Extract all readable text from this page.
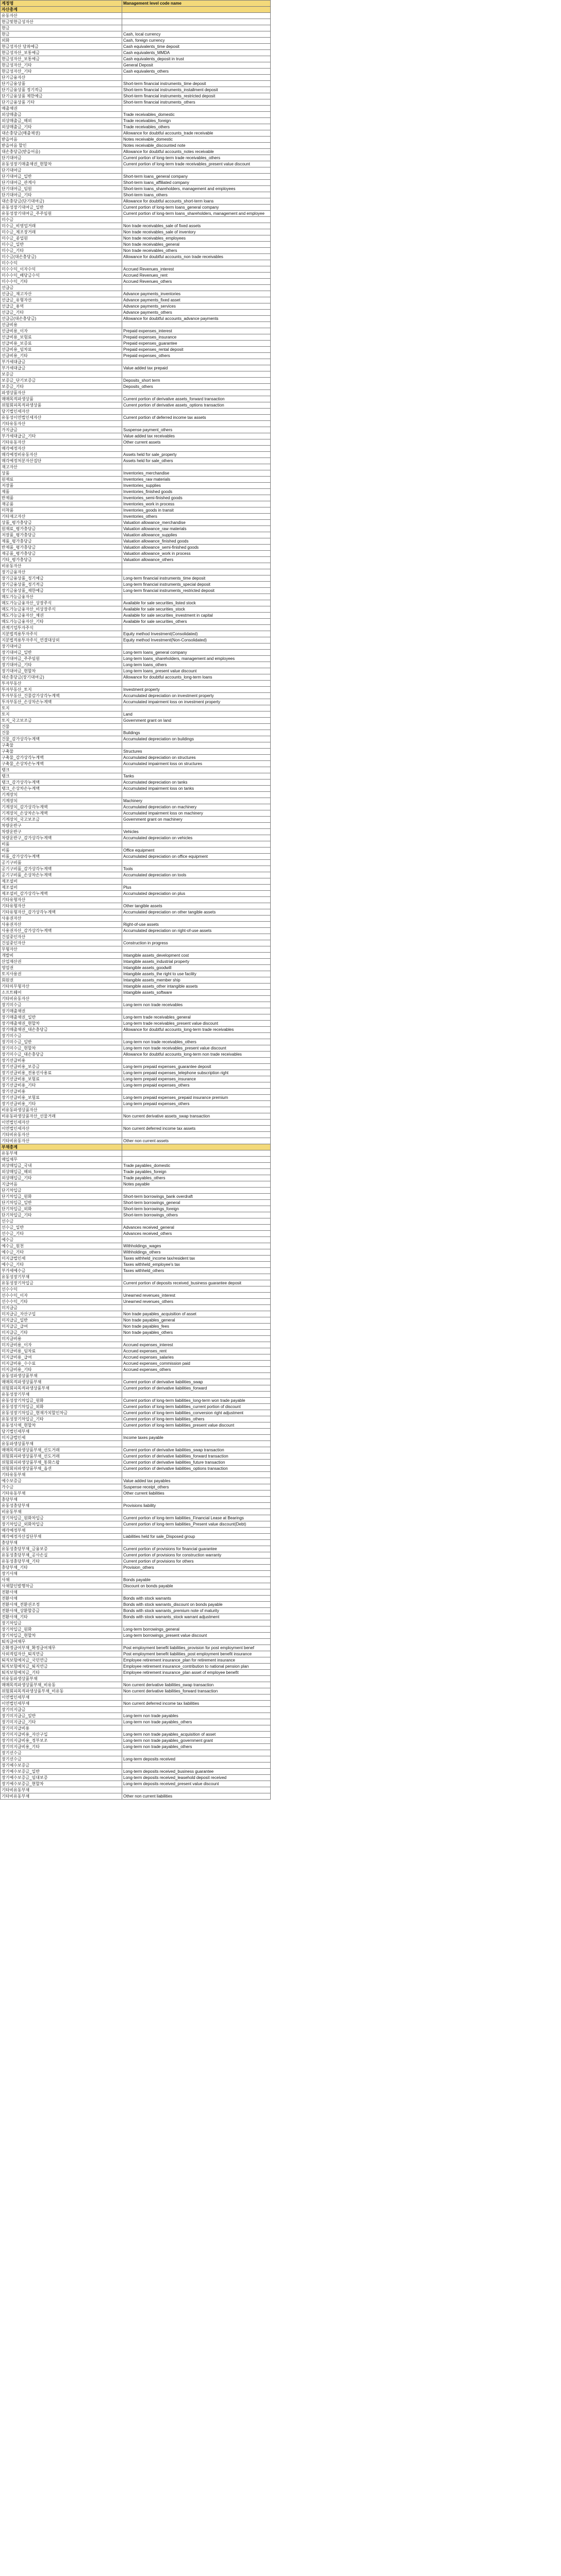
계정명	Management level code name
자산총계	
유동자산	
현금및현금성자산	
현금	
현금	Cash, local currency
외화	Cash, foreign currency
현금성자산 당좌예금	Cash equivalents_time deposit
현금성자산_보통예금	Cash equivalents_MMDA
현금성자산_보통예금	Cash equivalents_deposit in trust
현금성자산_기타	General Deposit
현금성자산_기타	Cash equivalents_others
단기금융자산	
단기금융상품	Short-term financial instruments_time deposit
단기금융상품 정기적금	Short-term financial instruments_installment deposit
단기금융상품 제한예금	Short-term financial instruments_restricted deposit
단기금융상품 기타	Short-term financial instruments_others
매출채권	
외상매출금	Trade receivables_domestic
외상매출금_해외	Trade receivables_foreign
외상매출금_기타	Trade receivables_others
대손충당금(매출채권)	Allowance for doubtful accounts_trade receivable
받을어음	Notes receivable_domestic
받을어음 할인	Notes receivable_discounted note
대손충당금(받을어음)	Allowance for doubtful accounts_notes receivable
단기대여금	Current portion of long-term trade receivables_others
유동성장기매출채권_현할차	Current portion of long-term trade receivables_present value discount
단기대여금	
단기대여금_일반	Short-term loans_general company
단기대여금_관계사	Short-term loans_affiliated company
단기대여금_임원	Short-term loans_shareholders, management and employees
단기대여금_기타	Short-term loans_others
대손충당금(단기대여금)	Allowance for doubtful accounts_short-term loans
유동성장기대여금_일반	Current portion of long-term loans_general company
유동성장기대여금_주주임원	Current portion of long-term loans_shareholders, management and employee
미수금	
미수금_비영업거래	Non trade receivables_sale of fixed assets
미수금_제조장거래	Non trade receivables_sale of inventory
미수금_종업원	Non trade receivables_employees
미수금_일반	Non trade receivables_general
미수금_기타	Non trade receivables_others
미수금(대손충당금)	Allowance for doubtful accounts_non trade receivables
미수수익	
미수수익_이자수익	Accrued Revenues_interest
미수수익_배당금수익	Accrued Revenues_rent
미수수익_기타	Accrued Revenues_others
선급금	
선급금_재고자산	Advance payments_inventories
선급금_유형자산	Advance payments_fixed asset
선급금_용역	Advance payments_services
선급금_기타	Advance payments_others
선급금(대손충당금)	Allowance for doubtful accounts_advance payments
선급비용	
선급비용_이자	Prepaid expenses_interest
선급비용_보험료	Prepaid expenses_insurance
선급비용_보증료	Prepaid expenses_guarantee
선급비용_임차료	Prepaid expenses_rental deposit
선급비용_기타	Prepaid expenses_others
부가세대급금	
부가세대급금	Value added tax prepaid
보증금	
보증금_단기보증금	Deposits_short term
보증금_기타	Deposits_others
파생상품자산	
매매목적파생상품	Current portion of derivative assets_forward transaction
위험회피목적파생상품	Current portion of derivative assets_options transaction
당기법인세자산	
유동성이연법인세자산	Current portion of deferred income tax assets
기타유동자산	
가지급금	Suspense payment_others
부가세대급금_기타	Value added tax receivables
기타유동자산	Other current assets
매각예정자산	
매각예정비유동자산	Assets held for sale_property
매각예정처분자산집단	Assets held for sale_others
재고자산	
상품	Inventories_merchandise
원재료	Inventories_raw materials
저장품	Inventories_supplies
제품	Inventories_finished goods
반제품	Inventories_semi-finished goods
재공품	Inventories_work in process
미착품	Inventories_goods in transit
기타재고자산	Inventories_others
상품_평가충당금	Valuation allowance_merchandise
원재료_평가충당금	Valuation allowance_raw materials
저장품_평가충당금	Valuation allowance_supplies
제품_평가충당금	Valuation allowance_finished goods
반제품_평가충당금	Valuation allowance_semi-finished goods
재공품_평가충당금	Valuation allowance_work in process
기타_평가충당금	Valuation allowance_others
비유동자산	
장기금융자산	
장기금융상품_정기예금	Long-term financial instruments_time deposit
장기금융상품_정기적금	Long-term financial instruments_special deposit
장기금융상품_제한예금	Long-term financial instruments_restricted deposit
매도가능금융자산	
매도가능금융자산_상장주식	Available for sale securities_listed stock
매도가능금융자산_비상장주식	Available for sale securities_stock
매도가능금융자산_채권	Available for sale securities_investment in capital
매도가능금융자산_기타	Available for sale securities_others
관계기업투자주식	
지분법적용투자주식	Equity method Investment(Consolidated)
지분법적용투자주식_연결대상외	Equity method Investment(Non-Consolidated)
장기대여금	
장기대여금_일반	Long-term loans_general company
장기대여금_주주임원	Long-term loans_shareholders, management and employees
장기대여금_기타	Long-term loans_others
장기대여금_현할차	Long-term loans_present value discount
대손충당금(장기대여금)	Allowance for doubtful accounts_long-term loans
투자부동산	
투자부동산_토지	Investment property
투자부동산_건물감가상각누계액	Accumulated depreciation on investment property
투자부동산_손상차손누계액	Accumulated impairment loss on investment property
토지	
토지	Land
토지_국고보조금	Government grant on land
건물	
건물	Buildings
건물_감가상각누계액	Accumulated depreciation on buildings
구축물	
구축물	Structures
구축물_감가상각누계액	Accumulated depreciation on structures
구축물_손상차손누계액	Accumulated impairment loss on structures
탱크	
탱크	Tanks
탱크_감가상각누계액	Accumulated depreciation on tanks
탱크_손상차손누계액	Accumulated impairment loss on tanks
기계장치	
기계장치	Machinery
기계장치_감가상각누계액	Accumulated depreciation on machinery
기계장치_손상차손누계액	Accumulated impairment loss on machinery
기계장치_국고보조금	Government grant on machinery
차량운반구	
차량운반구	Vehicles
차량운반구_감가상각누계액	Accumulated depreciation on vehicles
비품	
비품	Office equipment
비품_감가상각누계액	Accumulated depreciation on office equipment
공기구비품	
공기구비품_감가상각누계액	Tools
공기구비품_손상차손누계액	Accumulated depreciation on tools
제조설비	
제조설비	Plus
제조설비_감가상각누계액	Accumulated depreciation on plus
기타유형자산	
기타유형자산	Other tangible assets
기타유형자산_감가상각누계액	Accumulated depreciation on other tangible assets
사용권자산	
사용권자산	Right-of-use assets
사용권자산_감가상각누계액	Accumulated depreciation on right-of-use assets
건설중인자산	
건설중인자산	Construction in progress
무형자산	
개발비	Intangible assets_development cost
산업재산권	Intangible assets_industrial property
영업권	Intangible assets_goodwill
토지사용권	Intangible assets_the right to use facility
회원권	Intangible assets_member ship
기타의무형자산	Intangible assets_other intangible assets
소프트웨어	Intangible assets_software
기타비유동자산	
장기미수금	Long-term non trade receivables
장기매출채권	
장기매출채권_일반	Long-term trade receivables_general
장기매출채권_현할차	Long-term trade receivables_present value discount
장기매출채권_대손충당금	Allowance for doubtful accounts_long-term trade receivables
장기미수금	
장기미수금_일반	Long-term non trade receivables_others
장기미수금_현할차	Long-term non trade receivables_present value discount
장기미수금_대손충당금	Allowance for doubtful accounts_long-term non trade receivables
장기선급비용	
장기선급비용_보증금	Long-term prepaid expenses_guarantee deposit
장기선급비용_전용선사용료	Long-term prepaid expenses_telephone subscription right
장기선급비용_보험료	Long-term prepaid expenses_insurance
장기선급비용_기타	Long-term prepaid expenses_others
장기선급비용	
장기선급비용_보험료	Long-term prepaid expenses_prepaid insurance premium
장기선급비용_기타	Long-term prepaid expenses_others
비유동파생상품자산	
비유동파생상품자산_선물거래	Non current derivative assets_swap transaction
이연법인세자산	
이연법인세자산	Non current deferred income tax assets
기타비유동자산	
기타비유동자산	Other non current assets
부채총계	
유동부채	
매입채무	
외상매입금_국내	Trade payables_domestic
외상매입금_해외	Trade payables_foreign
외상매입금_기타	Trade payables_others
지급어음	Notes payable
단기차입금	
단기차입금_원화	Short-term borrowings_bank overdraft
단기차입금_일반	Short-term borrowings_general
단기차입금_외화	Short-term borrowings_foreign
단기차입금_기타	Short-term borrowings_others
선수금	
선수금_일반	Advances received_general
선수금_기타	Advances received_others
예수금	
예수금_원천	Withholdings_wages
예수금_기타	Withholdings_others
미지급법인세	Taxes withheld_income tax/resident tax
예수금_기타	Taxes withheld_employee's tax
부가세예수금	Taxes withheld_others
유동성장기부채	
유동성장기차입금	Current portion of deposits received_business guarantee deposit
선수수익	
선수수익_이자	Unearned revenues_interest
선수수익_기타	Unearned revenues_others
미지급금	
미지급금_자산구입	Non trade payables_acquisition of asset
미지급금_일반	Non trade payables_general
미지급금_급여	Non trade payables_fees
미지급금_기타	Non trade payables_others
미지급비용	
미지급비용_이자	Accrued expenses_interest
미지급비용_임차료	Accrued expenses_rent
미지급비용_급여	Accrued expenses_salaries
미지급비용_수수료	Accrued expenses_commission paid
미지급비용_기타	Accrued expenses_others
유동성파생상품부채	
매매목적파생상품부채	Current portion of derivative liabilities_swap
위험회피목적파생상품부채	Current portion of derivative liabilities_forward
유동성장기부채	
유동성장기차입금_원화	Current portion of long-term liabilities_long-term won trade payable
유동성장기차입금_외화	Current portion of long-term liabilities_current portion of discount
유동성장기차입금_현재가치할인차금	Current portion of long-term liabilities_conversion right adjustment
유동성장기차입금_기타	Current portion of long-term liabilities_others
유동성사채_현할차	Current portion of long-term liabilities_present value discount
당기법인세부채	
미지급법인세	Income taxes payable
유동파생상품부채	
매매목적파생상품부채_선도거래	Current portion of derivative liabilities_swap transaction
위험회피파생상품부채_선도거래	Current portion of derivative liabilities_forward transaction
위험회피파생상품부채_통화스왑	Current portion of derivative liabilities_future transaction
위험회피파생상품부채_옵션	Current portion of derivative liabilities_options transaction
기타유동부채	
예수보증금	Value added tax payables
가수금	Suspense receipt_others
기타유동부채	Other current liabilities
충당부채	
유동성충당부채	Provisions liability
비유동부채	
장기차입금_원화차입금	Current portion of long-term liabilities_Financial Lease at Bearings
장기차입금_외화차입금	Current portion of long-term liabilities_Present value discount(Debt)
매각예정부채	
매각예정자산집단부채	Liabilities held for sale_Disposed group
충당부채	
유동성충당부채_금융보증	Current portion of provisions for financial guarantee
유동성충당부채_공사손실	Current portion of provisions for construction warranty
유동성충당부채_기타	Current portion of provisions for others
충당부채_기타	Provision_others
장기사채	
사채	Bonds payable
사채할인발행차금	Discount on bonds payable
전환사채	
전환사채	Bonds with stock warrants
전환사채_전환권조정	Bonds with stock warrants_discount on bonds payable
전환사채_상환할증금	Bonds with stock warrants_premium note of maturity
전환사채_기타	Bonds with stock warrants_stock warrant adjustment
장기차입금	
장기차입금_원화	Long-term borrowings_general
장기차입금_현할차	Long-term borrowings_present value discount
퇴직급여채무	
순확정급여부채_확정급여채무	Post employment benefit liabilities_provision for post employment benef
사외적립자산_퇴직연금	Post employment benefit liabilities_post employment benefit insurance
퇴직보험예치금_국민연금	Employee retirement insurance_plan for retirement insurance
퇴직보험예치금_퇴직연금	Employee retirement insurance_contribution to national pension plan
퇴직보험예치금_기타	Employee retirement insurance_plan asset of employee benefit
비유동파생상품부채	
매매목적파생상품부채_비유동	Non current derivative liabilities_swap transaction
위험회피목적파생상품부채_비유동	Non current derivative liabilities_forward transaction
이연법인세부채	
이연법인세부채	Non current deferred income tax liabilities
장기미지급금	
장기미지급금_일반	Long-term non trade payables
장기미지급금_기타	Long-term non trade payables_others
장기미지급비용	
장기미지급비용_자산구입	Long-term non trade payables_acquisition of asset
장기미지급비용_정부보조	Long-term non trade payables_government grant
장기미지급비용_기타	Long-term non trade payables_others
장기선수금	
장기선수금	Long-term deposits received
장기예수보증금	
장기예수보증금_일반	Long-term deposits received_business guarantee
장기예수보증금_임대보증	Long-term deposits received_leasehold deposit received
장기예수보증금_현할차	Long-term deposits received_present value discount
기타비유동부채	
기타비유동부채	Other non current liabilities
